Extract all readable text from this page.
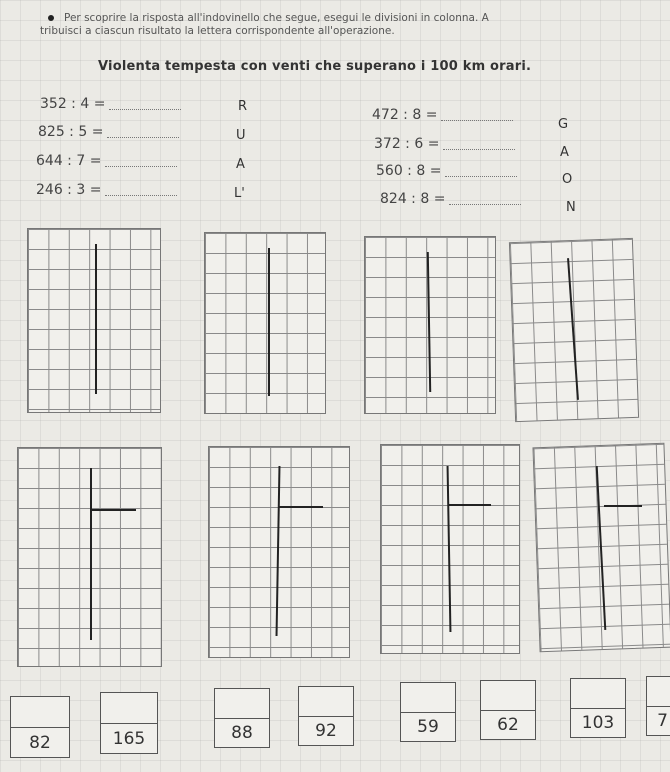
Per scoprire la risposta all'indovinello che segue, esegui le divisioni in colonna. A
tribuisci a ciascun risultato la lettera corrispondente all'operazione.
Violenta tempesta con venti che superano i 100 km orari.
352 : 4 =	R
825 : 5 =	U
644 : 7 =	A
246 : 3 =	L'
472 : 8 =
G
372 : 6 =
A
560 : 8 =
O
824 : 8 =
N
82	165	88	92	59	62	103	7
